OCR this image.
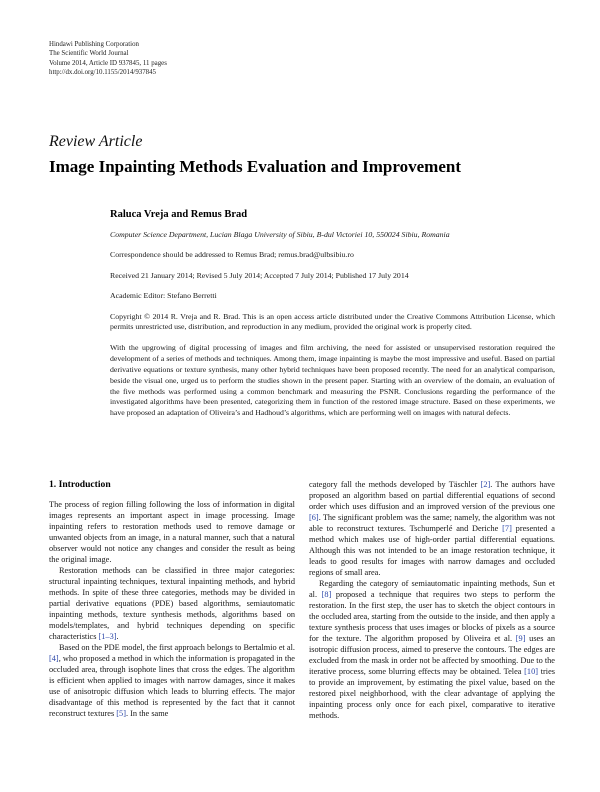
Hindawi Publishing Corporation
The Scientific World Journal
Volume 2014, Article ID 937845, 11 pages
http://dx.doi.org/10.1155/2014/937845
Review Article
Image Inpainting Methods Evaluation and Improvement
Raluca Vreja and Remus Brad
Computer Science Department, Lucian Blaga University of Sibiu, B-dul Victoriei 10, 550024 Sibiu, Romania
Correspondence should be addressed to Remus Brad; remus.brad@ulbsibiu.ro
Received 21 January 2014; Revised 5 July 2014; Accepted 7 July 2014; Published 17 July 2014
Academic Editor: Stefano Berretti
Copyright © 2014 R. Vreja and R. Brad. This is an open access article distributed under the Creative Commons Attribution License, which permits unrestricted use, distribution, and reproduction in any medium, provided the original work is properly cited.
With the upgrowing of digital processing of images and film archiving, the need for assisted or unsupervised restoration required the development of a series of methods and techniques. Among them, image inpainting is maybe the most impressive and useful. Based on partial derivative equations or texture synthesis, many other hybrid techniques have been proposed recently. The need for an analytical comparison, beside the visual one, urged us to perform the studies shown in the present paper. Starting with an overview of the domain, an evaluation of the five methods was performed using a common benchmark and measuring the PSNR. Conclusions regarding the performance of the investigated algorithms have been presented, categorizing them in function of the restored image structure. Based on these experiments, we have proposed an adaptation of Oliveira’s and Hadhoud’s algorithms, which are performing well on images with natural defects.
1. Introduction

The process of region filling following the loss of information in digital images represents an important aspect in image processing. Image inpainting refers to restoration methods used to remove damage or unwanted objects from an image, in a natural manner, such that a natural observer would not notice any changes and consider the result as being the original image.

Restoration methods can be classified in three major categories: structural inpainting techniques, textural inpainting methods, and hybrid methods. In spite of these three categories, methods may be divided in partial derivative equations (PDE) based algorithms, semiautomatic inpainting methods, texture synthesis methods, algorithms based on models/templates, and hybrid techniques depending on specific characteristics [1–3].

Based on the PDE model, the first approach belongs to Bertalmio et al. [4], who proposed a method in which the information is propagated in the occluded area, through isophote lines that cross the edges. The algorithm is efficient when applied to images with narrow damages, since it makes use of anisotropic diffusion which leads to blurring effects. The major disadvantage of this method is represented by the fact that it cannot reconstruct textures [5]. In the same

category fall the methods developed by Täschler [2]. The authors have proposed an algorithm based on partial differential equations of second order which uses diffusion and an improved version of the previous one [6]. The significant problem was the same; namely, the algorithm was not able to reconstruct textures. Tschumperlé and Deriche [7] presented a method which makes use of high-order partial differential equations. Although this was not intended to be an image restoration technique, it leads to good results for images with narrow damages and occluded regions of small area.

Regarding the category of semiautomatic inpainting methods, Sun et al. [8] proposed a technique that requires two steps to perform the restoration. In the first step, the user has to sketch the object contours in the occluded area, starting from the outside to the inside, and then apply a texture synthesis process that uses images or blocks of pixels as a source for the texture. The algorithm proposed by Oliveira et al. [9] uses an isotropic diffusion process, aimed to preserve the contours. The edges are excluded from the mask in order not be affected by smoothing. Due to the iterative process, some blurring effects may be obtained. Telea [10] tries to provide an improvement, by estimating the pixel value, based on the restored pixel neighborhood, with the clear advantage of applying the inpainting process only once for each pixel, comparative to iterative methods.
